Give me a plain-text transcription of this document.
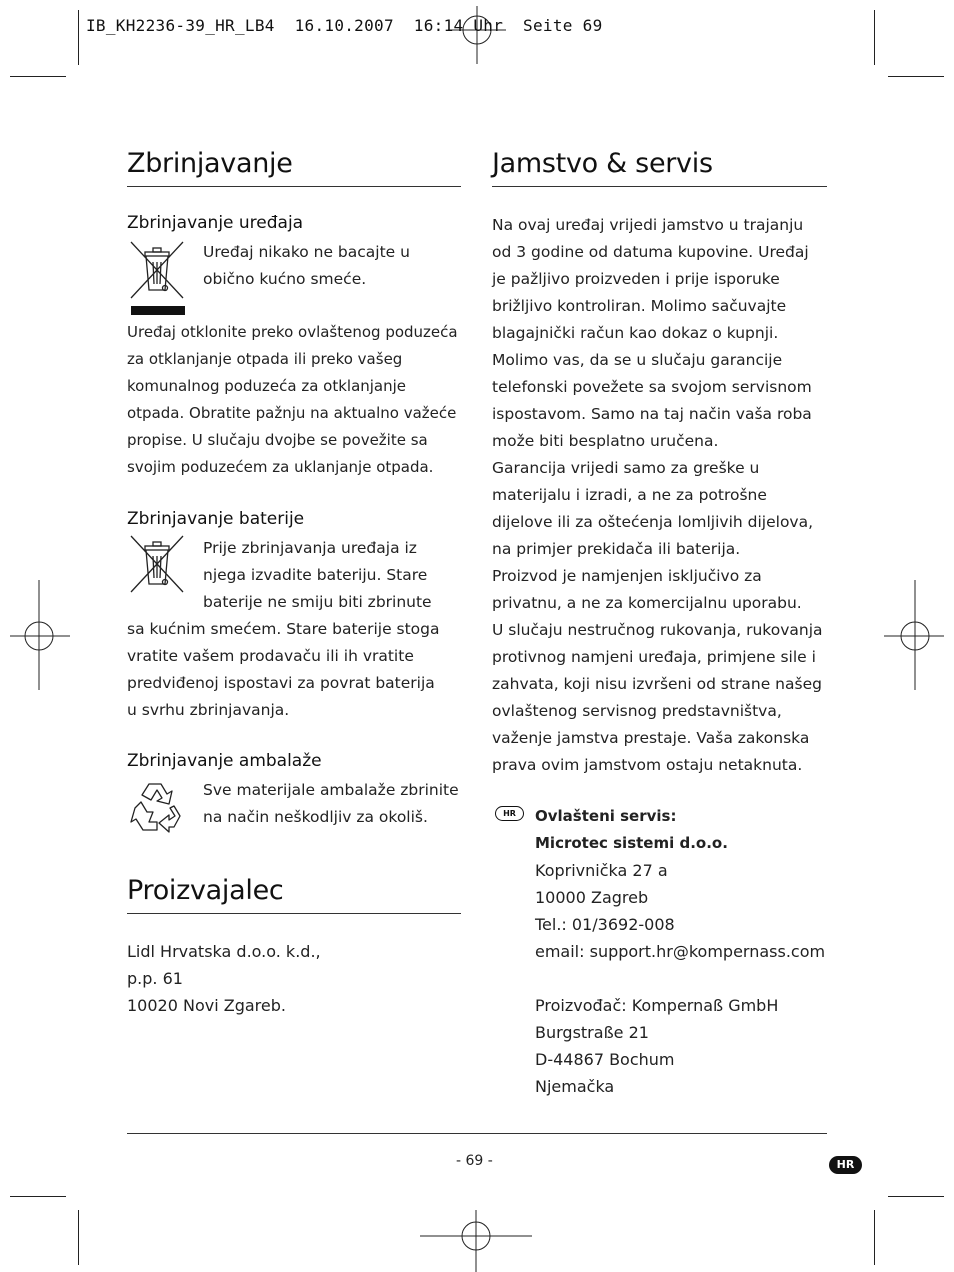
IB_KH2236-39_HR_LB4  16.10.2007  16:14 Uhr  Seite 69
Zbrinjavanje
Zbrinjavanje uređaja
Uređaj nikako ne bacajte u
obično kućno smeće.
Uređaj otklonite preko ovlaštenog poduzeća
za otklanjanje otpada ili preko vašeg
komunalnog poduzeća za otklanjanje
otpada. Obratite pažnju na aktualno važeće
propise. U slučaju dvojbe se povežite sa
svojim poduzećem za uklanjanje otpada.
Zbrinjavanje baterije
Prije zbrinjavanja uređaja iz
njega izvadite bateriju. Stare
baterije ne smiju biti zbrinute
sa kućnim smećem. Stare baterije stoga
vratite vašem prodavaču ili ih vratite
predviđenoj ispostavi za povrat baterija
u svrhu zbrinjavanja.
Zbrinjavanje ambalaže
Sve materijale ambalaže zbrinite
na način neškodljiv za okoliš.
Proizvajalec
Lidl Hrvatska d.o.o. k.d.,
p.p. 61
10020 Novi Zgareb.
Jamstvo & servis
Na ovaj uređaj vrijedi jamstvo u trajanju
od 3 godine od datuma kupovine. Uređaj
je pažljivo proizveden i prije isporuke
brižljivo kontroliran. Molimo sačuvajte
blagajnički račun kao dokaz o kupnji.
Molimo vas, da se u slučaju garancije
telefonski povežete sa svojom servisnom
ispostavom. Samo na taj način vaša roba
može biti besplatno uručena.
Garancija vrijedi samo za greške u
materijalu i izradi, a ne za potrošne
dijelove ili za oštećenja lomljivih dijelova,
na primjer prekidača ili baterija.
Proizvod je namjenjen isključivo za
privatnu, a ne za komercijalnu uporabu.
U slučaju nestručnog rukovanja, rukovanja
protivnog namjeni uređaja, primjene sile i
zahvata, koji nisu izvršeni od strane našeg
ovlaštenog servisnog predstavništva,
važenje jamstva prestaje. Vaša zakonska
prava ovim jamstvom ostaju netaknuta.
HR	Ovlašteni servis:
Microtec sistemi d.o.o.
Koprivnička 27 a
10000 Zagreb
Tel.: 01/3692-008
email: support.hr@kompernass.com
Proizvođač: Kompernaß GmbH
Burgstraße 21
D-44867 Bochum
Njemačka
- 69 -	HR
